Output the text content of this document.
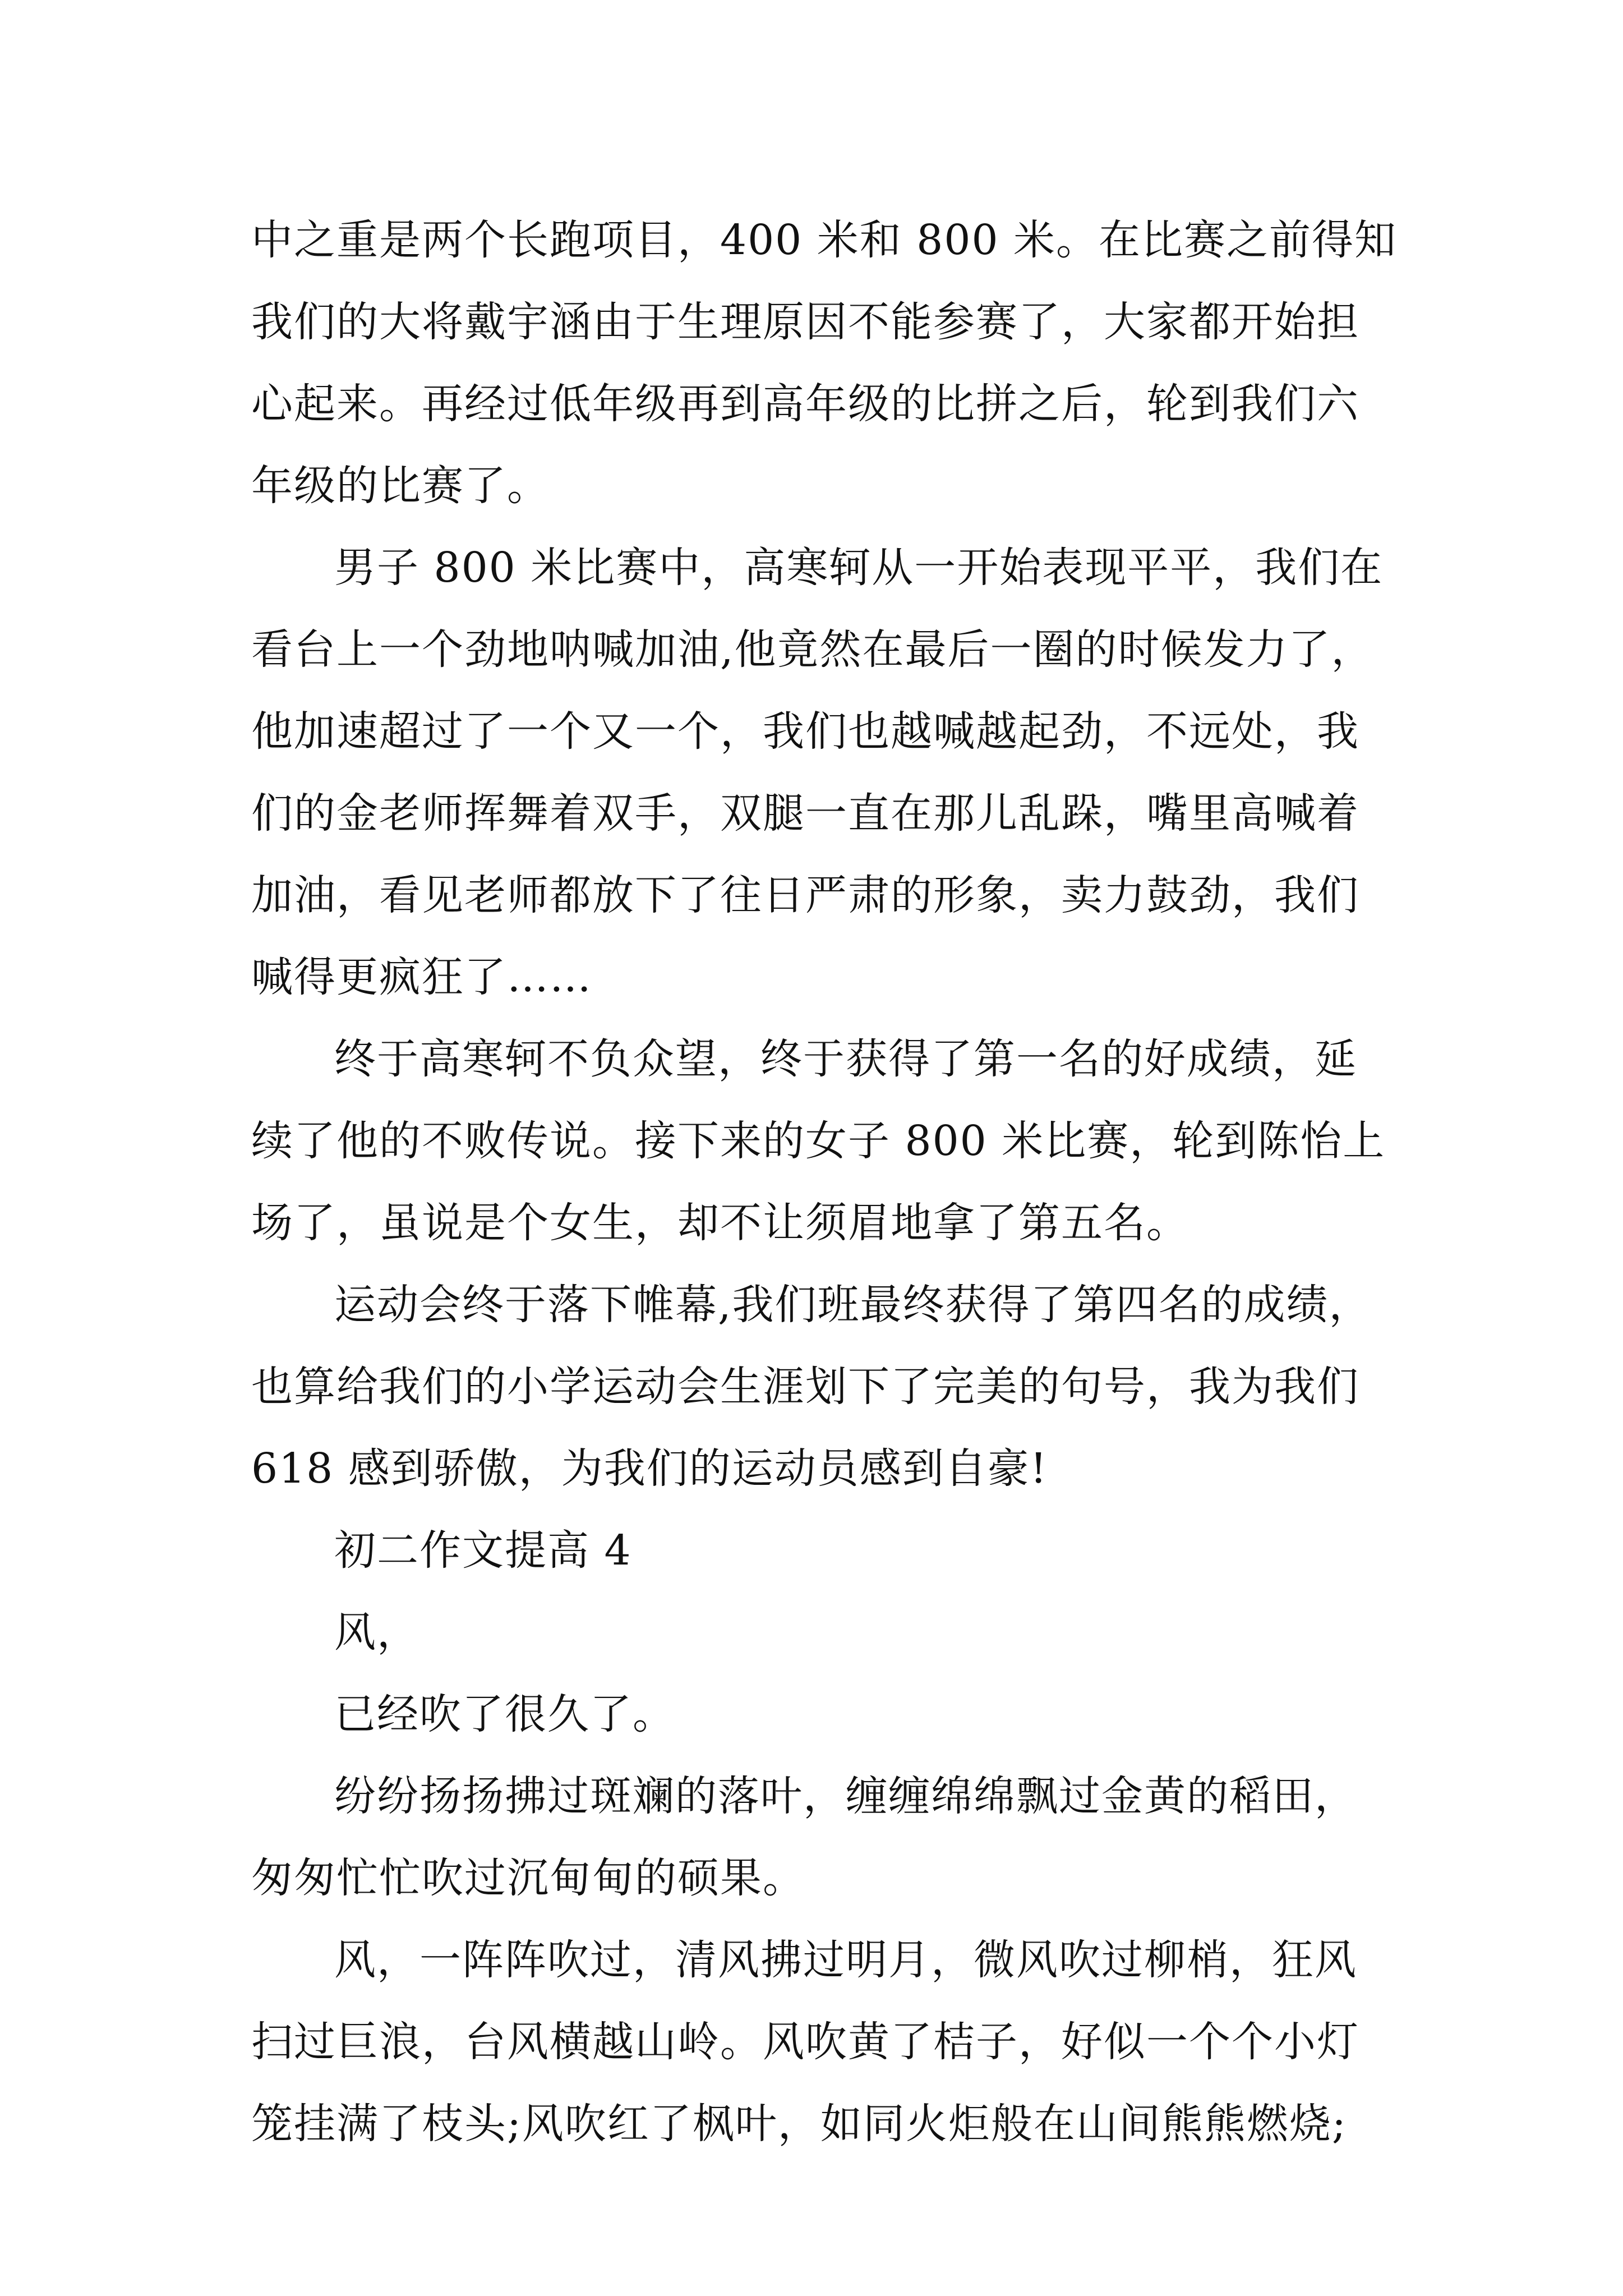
中之重是两个长跑项目，400 米和 800 米。在比赛之前得知
我们的大将戴宇涵由于生理原因不能参赛了，大家都开始担
心起来。再经过低年级再到高年级的比拼之后，轮到我们六
年级的比赛了。
男子 800 米比赛中，高寒轲从一开始表现平平，我们在
看台上一个劲地呐喊加油,他竟然在最后一圈的时候发力了，
他加速超过了一个又一个，我们也越喊越起劲，不远处，我
们的金老师挥舞着双手，双腿一直在那儿乱跺，嘴里高喊着
加油，看见老师都放下了往日严肃的形象，卖力鼓劲，我们
喊得更疯狂了……
终于高寒轲不负众望，终于获得了第一名的好成绩，延
续了他的不败传说。接下来的女子 800 米比赛，轮到陈怡上
场了，虽说是个女生，却不让须眉地拿了第五名。
运动会终于落下帷幕,我们班最终获得了第四名的成绩，
也算给我们的小学运动会生涯划下了完美的句号，我为我们
618 感到骄傲，为我们的运动员感到自豪!
初二作文提高 4
风，
已经吹了很久了。
纷纷扬扬拂过斑斓的落叶，缠缠绵绵飘过金黄的稻田，
匆匆忙忙吹过沉甸甸的硕果。
风，一阵阵吹过，清风拂过明月，微风吹过柳梢，狂风
扫过巨浪，台风横越山岭。风吹黄了桔子，好似一个个小灯
笼挂满了枝头;风吹红了枫叶，如同火炬般在山间熊熊燃烧;
